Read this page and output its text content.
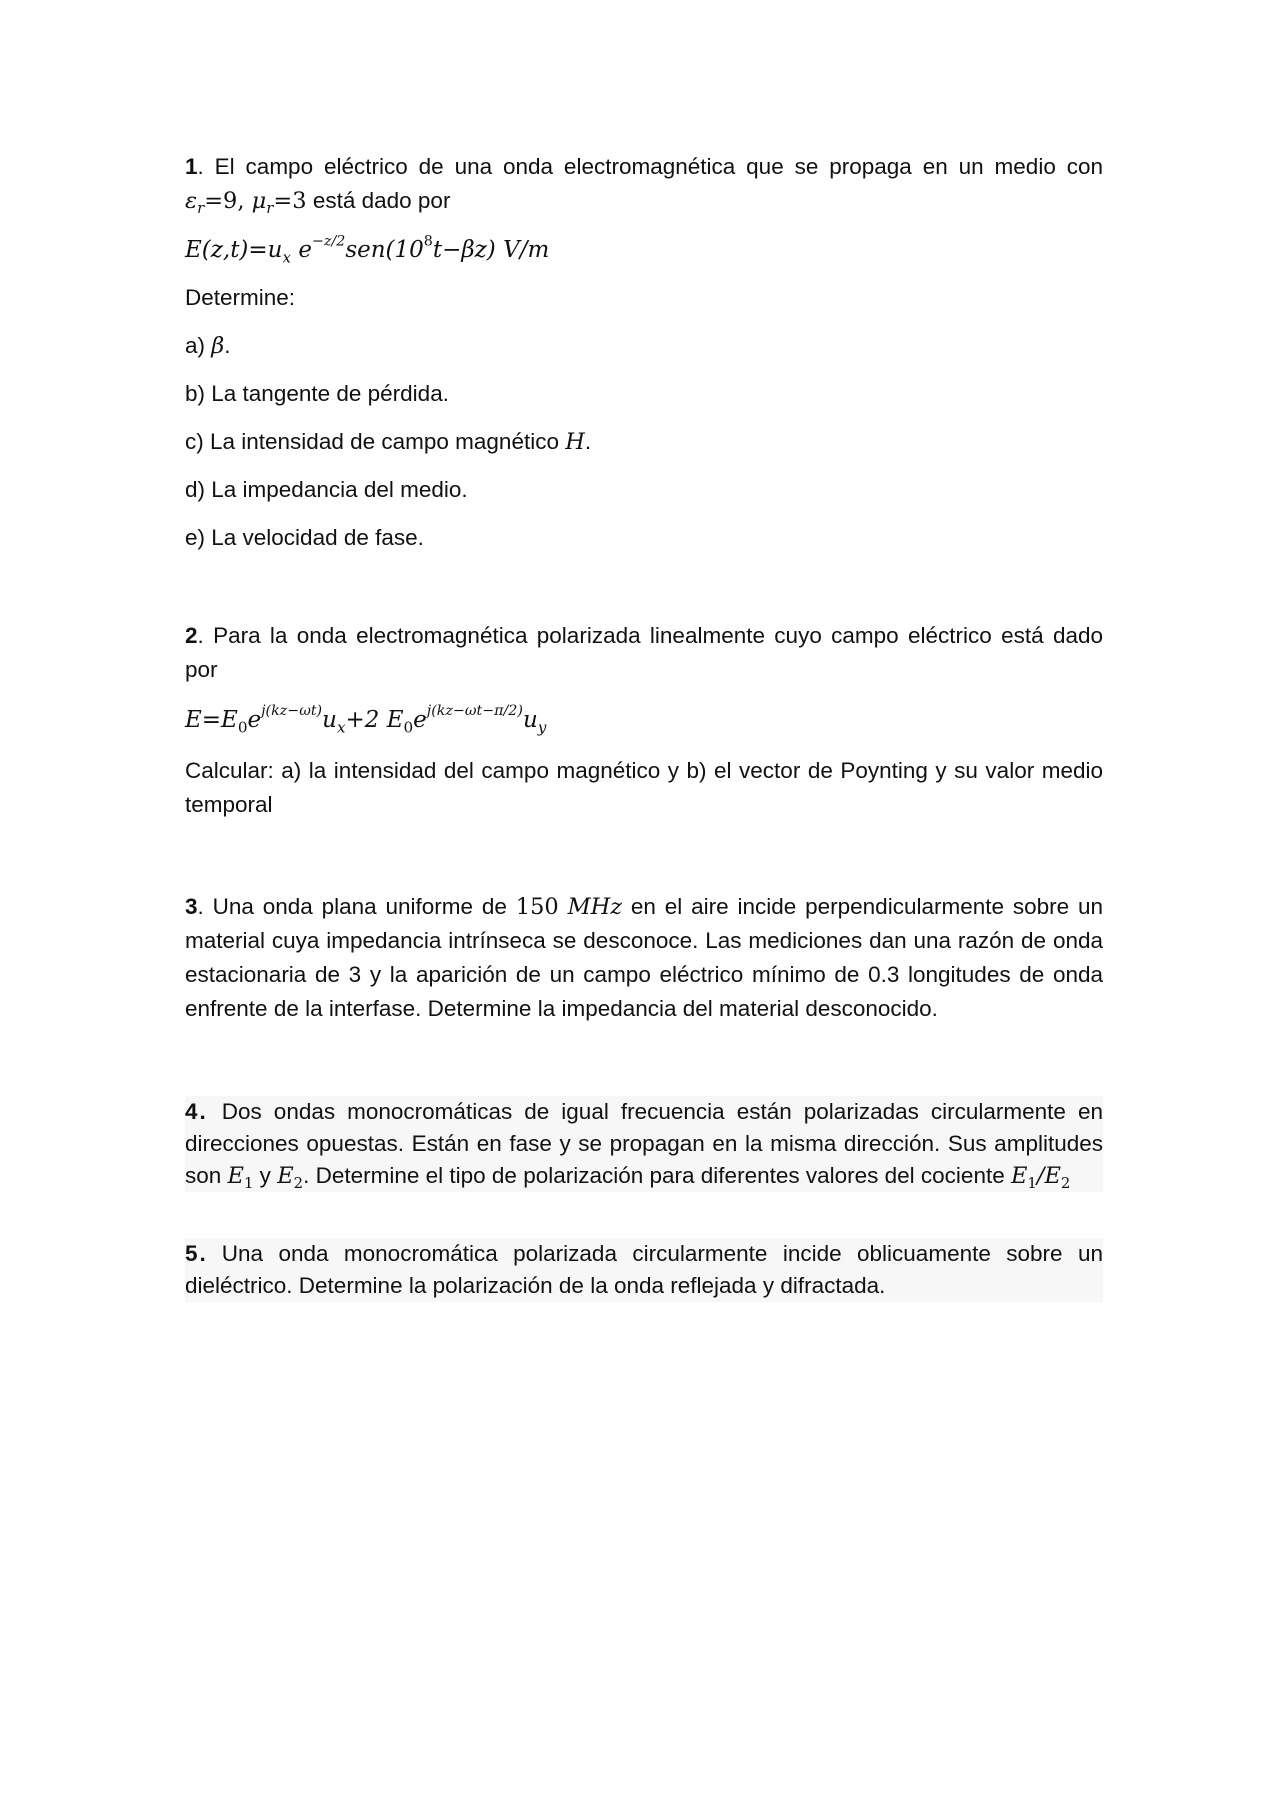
1. El campo eléctrico de una onda electromagnética que se propaga en un medio con $\varepsilon_r=9$, $\mu_r=3$ está dado por

$E(z,t)=u_x$ $e^{-z/2}sen(10^8t-\beta z)$ V/m

Determine:

a) β.

b) La tangente de pérdida.

c) La intensidad de campo magnético H.

d) La impedancia del medio.

e) La velocidad de fase.

2. Para la onda electromagnética polarizada linealmente cuyo campo eléctrico está dado por

$E=E_0e^{j(kz-\omega t)}u_x+2$ $E_0e^{j(kz-\omega t-\pi/2)}u_y$

Calcular: a) la intensidad del campo magnético y b) el vector de Poynting y su valor medio temporal

3. Una onda plana uniforme de 150 MHz en el aire incide perpendicularmente sobre un material cuya impedancia intrínseca se desconoce. Las mediciones dan una razón de onda estacionaria de 3 y la aparición de un campo eléctrico mínimo de 0.3 longitudes de onda enfrente de la interfase. Determine la impedancia del material desconocido.

4. Dos ondas monocromáticas de igual frecuencia están polarizadas circularmente en direcciones opuestas. Están en fase y se propagan en la misma dirección. Sus amplitudes son $E_1$ y $E_2$. Determine el tipo de polarización para diferentes valores del cociente $E_1/E_2$

5. Una onda monocromática polarizada circularmente incide oblicuamente sobre un dieléctrico. Determine la polarización de la onda reflejada y difractada.
